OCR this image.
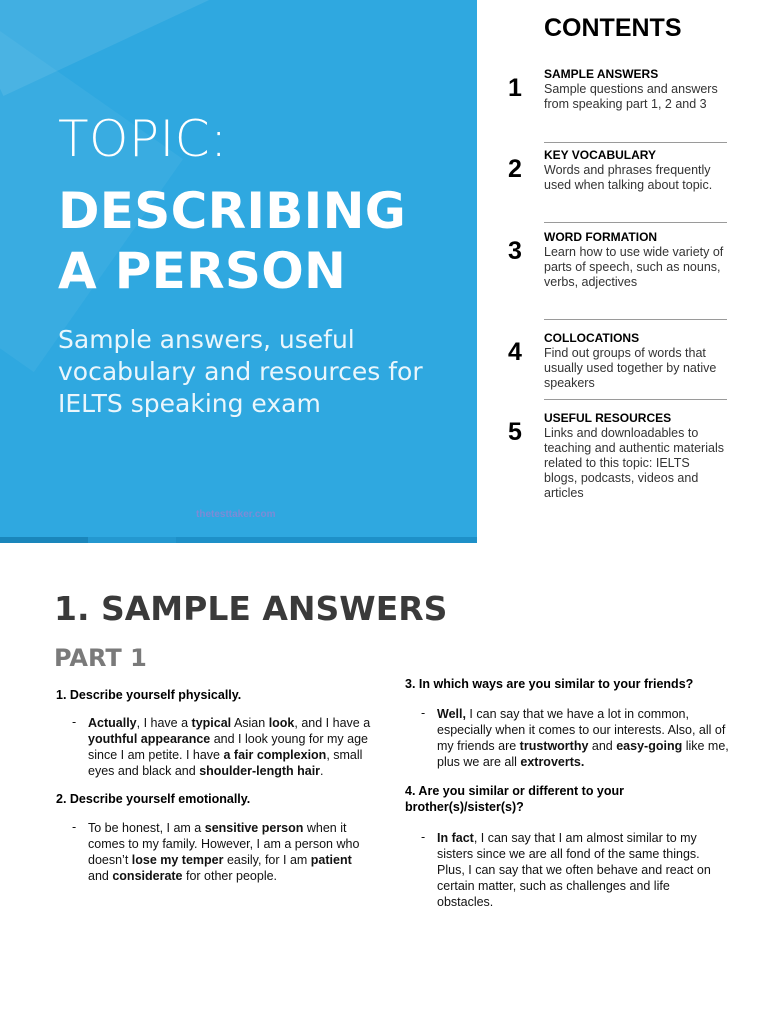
TOPIC:
DESCRIBING
A PERSON

Sample answers, useful vocabulary and resources for IELTS speaking exam

thetesttaker.com

CONTENTS
1 SAMPLE ANSWERS

Sample questions and answers from speaking part 1, 2 and 3

2 KEY VOCABULARY

Words and phrases frequently used when talking about topic.

3 WORD FORMATION

Learn how to use wide variety of parts of speech, such as nouns, verbs, adjectives

4 COLLOCATIONS

Find out groups of words that usually used together by native speakers

5 USEFUL RESOURCES

Links and downloadables to teaching and authentic materials related to this topic: IELTS blogs, podcasts, videos and articles

1. SAMPLE ANSWERS
PART 1

1. Describe yourself physically.

- Actually, I have a typical Asian look, and I have a youthful appearance and I look young for my age since I am petite. I have a fair complexion, small eyes and black and shoulder-length hair.

2. Describe yourself emotionally.

- To be honest, I am a sensitive person when it comes to my family. However, I am a person who doesn’t lose my temper easily, for I am patient and considerate for other people.

3. In which ways are you similar to your friends?

- Well, I can say that we have a lot in common, especially when it comes to our interests. Also, all of my friends are trustworthy and easy-going like me, plus we are all extroverts.

4. Are you similar or different to your brother(s)/sister(s)?

- In fact, I can say that I am almost similar to my sisters since we are all fond of the same things. Plus, I can say that we often behave and react on certain matter, such as challenges and life obstacles.
